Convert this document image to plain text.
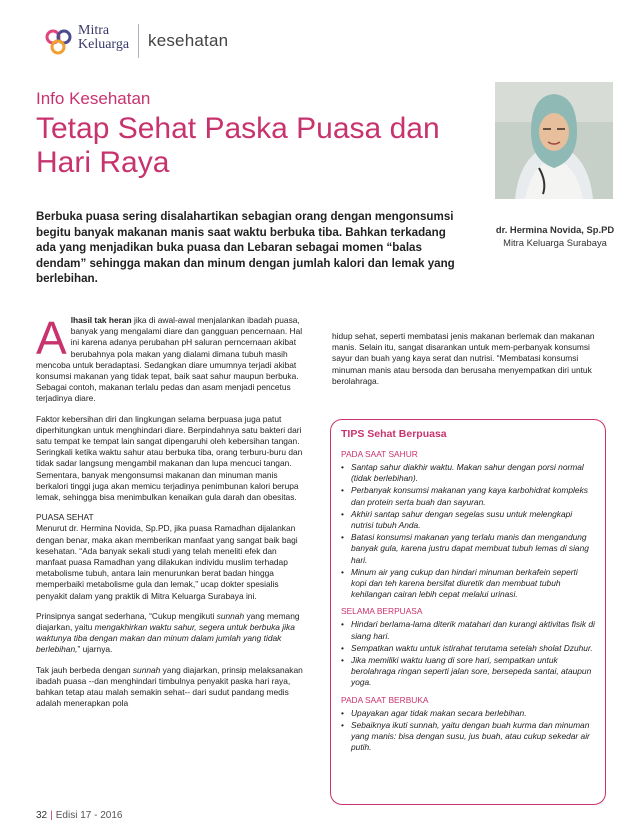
Mitra
Keluarga kesehatan
Info Kesehatan
Tetap Sehat Paska Puasa dan Hari Raya
Berbuka puasa sering disalahartikan sebagian orang dengan mengonsumsi begitu banyak makanan manis saat waktu berbuka tiba. Bahkan terkadang ada yang menjadikan buka puasa dan Lebaran sebagai momen “balas dendam” sehingga makan dan minum dengan jumlah kalori dan lemak yang berlebihan.
dr. Hermina Novida, Sp.PD
Mitra Keluarga Surabaya

Alhasil tak heran jika di awal-awal menjalankan ibadah puasa, banyak yang mengalami diare dan gangguan pencernaan. Hal ini karena adanya perubahan pH saluran perncernaan akibat berubahnya pola makan yang dialami dimana tubuh masih mencoba untuk beradaptasi. Sedangkan diare umumnya terjadi akibat konsumsi makanan yang tidak tepat, baik saat sahur maupun berbuka. Sebagai contoh, makanan terlalu pedas dan asam menjadi pencetus terjadinya diare.

Faktor kebersihan diri dan lingkungan selama berpuasa juga patut diperhitungkan untuk menghindari diare. Berpindahnya satu bakteri dari satu tempat ke tempat lain sangat dipengaruhi oleh kebersihan tangan. Seringkali ketika waktu sahur atau berbuka tiba, orang terburu-buru dan tidak sadar langsung mengambil makanan dan lupa mencuci tangan. Sementara, banyak mengonsumsi makanan dan minuman manis berkalori tinggi juga akan memicu terjadinya penimbunan kalori berupa lemak, sehingga bisa menimbulkan kenaikan gula darah dan obesitas.

PUASA SEHAT
Menurut dr. Hermina Novida, Sp.PD, jika puasa Ramadhan dijalankan dengan benar, maka akan memberikan manfaat yang sangat baik bagi kesehatan. “Ada banyak sekali studi yang telah meneliti efek dan manfaat puasa Ramadhan yang dilakukan individu muslim terhadap metabolisme tubuh, antara lain menurunkan berat badan hingga memperbaiki metabolisme gula dan lemak,” ucap dokter spesialis penyakit dalam yang praktik di Mitra Keluarga Surabaya ini.

Prinsipnya sangat sederhana, “Cukup mengikuti sunnah yang memang diajarkan, yaitu mengakhirkan waktu sahur, segera untuk berbuka jika waktunya tiba dengan makan dan minum dalam jumlah yang tidak berlebihan,” ujarnya.

Tak jauh berbeda dengan sunnah yang diajarkan, prinsip melaksanakan ibadah puasa --dan menghindari timbulnya penyakit paska hari raya, bahkan tetap atau malah semakin sehat-- dari sudut pandang medis adalah menerapkan pola

hidup sehat, seperti membatasi jenis makanan berlemak dan makanan manis. Selain itu, sangat disarankan untuk mem-perbanyak konsumsi sayur dan buah yang kaya serat dan nutrisi. “Membatasi konsumsi minuman manis atau bersoda dan berusaha menyempatkan diri untuk berolahraga.

TIPS Sehat Berpuasa
PADA SAAT SAHUR
• Santap sahur diakhir waktu. Makan sahur dengan porsi normal (tidak berlebihan).
• Perbanyak konsumsi makanan yang kaya karbohidrat kompleks dan protein serta buah dan sayuran.
• Akhiri santap sahur dengan segelas susu untuk melengkapi nutrisi tubuh Anda.
• Batasi konsumsi makanan yang terlalu manis dan mengandung banyak gula, karena justru dapat membuat tubuh lemas di siang hari.
• Minum air yang cukup dan hindari minuman berkafein seperti kopi dan teh karena bersifat diuretik dan membuat tubuh kehilangan cairan lebih cepat melalui urinasi.
SELAMA BERPUASA
• Hindari berlama-lama diterik matahari dan kurangi aktivitas fisik di siang hari.
• Sempatkan waktu untuk istirahat terutama setelah sholat Dzuhur.
• Jika memiliki waktu luang di sore hari, sempatkan untuk berolahraga ringan seperti jalan sore, bersepeda santai, ataupun yoga.
PADA SAAT BERBUKA
• Upayakan agar tidak makan secara berlebihan.
• Sebaiknya ikuti sunnah, yaitu dengan buah kurma dan minuman yang manis: bisa dengan susu, jus buah, atau cukup sekedar air putih.
32 | Edisi 17 - 2016
